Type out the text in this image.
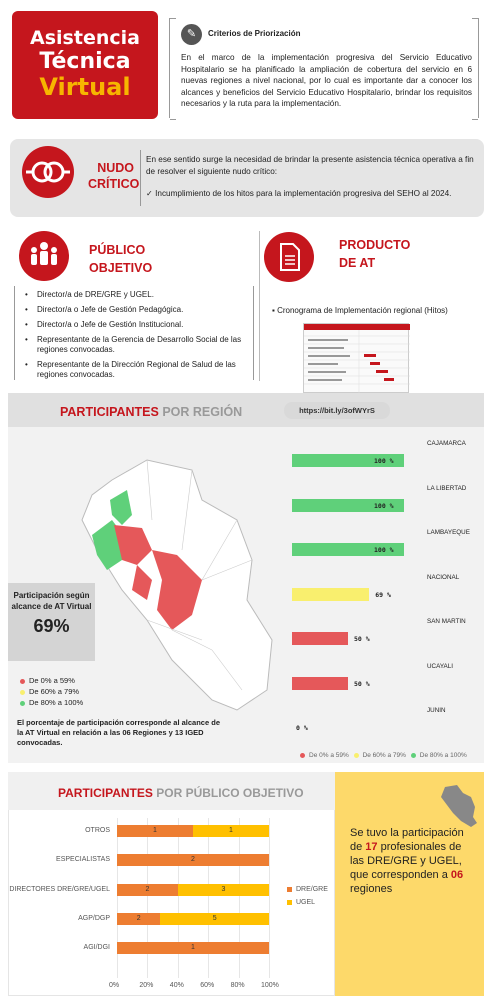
Asistencia
Técnica
Virtual
✎	Criterios de Priorización
En el marco de la implementación progresiva del Servicio Educativo Hospitalario se ha planificado la ampliación de cobertura del servicio en 6 nuevas regiones a nivel nacional, por lo cual es importante dar a conocer los alcances y beneficios del Servicio Educativo Hospitalario, brindar los requisitos necesarios y la ruta para la implementación.
NUDO
CRÍTICO
En ese sentido surge la necesidad de brindar la presente asistencia técnica operativa a fin de resolver el siguiente nudo crítico:
✓ Incumplimiento de los hitos para la implementación progresiva del SEHO al 2024.
PÚBLICO
OBJETIVO
PRODUCTO
DE AT
• Director/a de DRE/GRE y UGEL.
• Director/a o Jefe de Gestión Pedagógica.
• Director/a o Jefe de Gestión Institucional.
• Representante de la Gerencia de Desarrollo Social de las regiones convocadas.
• Representante de la Dirección Regional de Salud de las regiones convocadas.
▪ Cronograma de Implementación regional (Hitos)
PARTICIPANTES POR REGIÓN	https://bit.ly/3ofWYrS
Participación según alcance de AT Virtual
69%
De 0% a 59%
De 60% a 79%
De 80% a 100%
El porcentaje de participación corresponde al alcance de la AT Virtual en relación a las 06 Regiones y 13 IGED convocadas.
CAJAMARCA
100 %
LA LIBERTAD
100 %
LAMBAYEQUE
100 %
NACIONAL
69 %
SAN MARTIN
50 %
UCAYALI
50 %
JUNIN
0 %
De 0% a 59% De 60% a 79% De 80% a 100%
PARTICIPANTES POR PÚBLICO OBJETIVO
0%	20% 40% 60% 80% 100%
OTROS	1	1
ESPECIALISTAS	2
DIRECTORES DRE/GRE/UGEL	2	3
AGP/DGP	2	5
AGI/DGI	1
DRE/GRE
UGEL
Se tuvo la participación de 17 profesionales de las DRE/GRE y UGEL, que corresponden a 06 regiones
